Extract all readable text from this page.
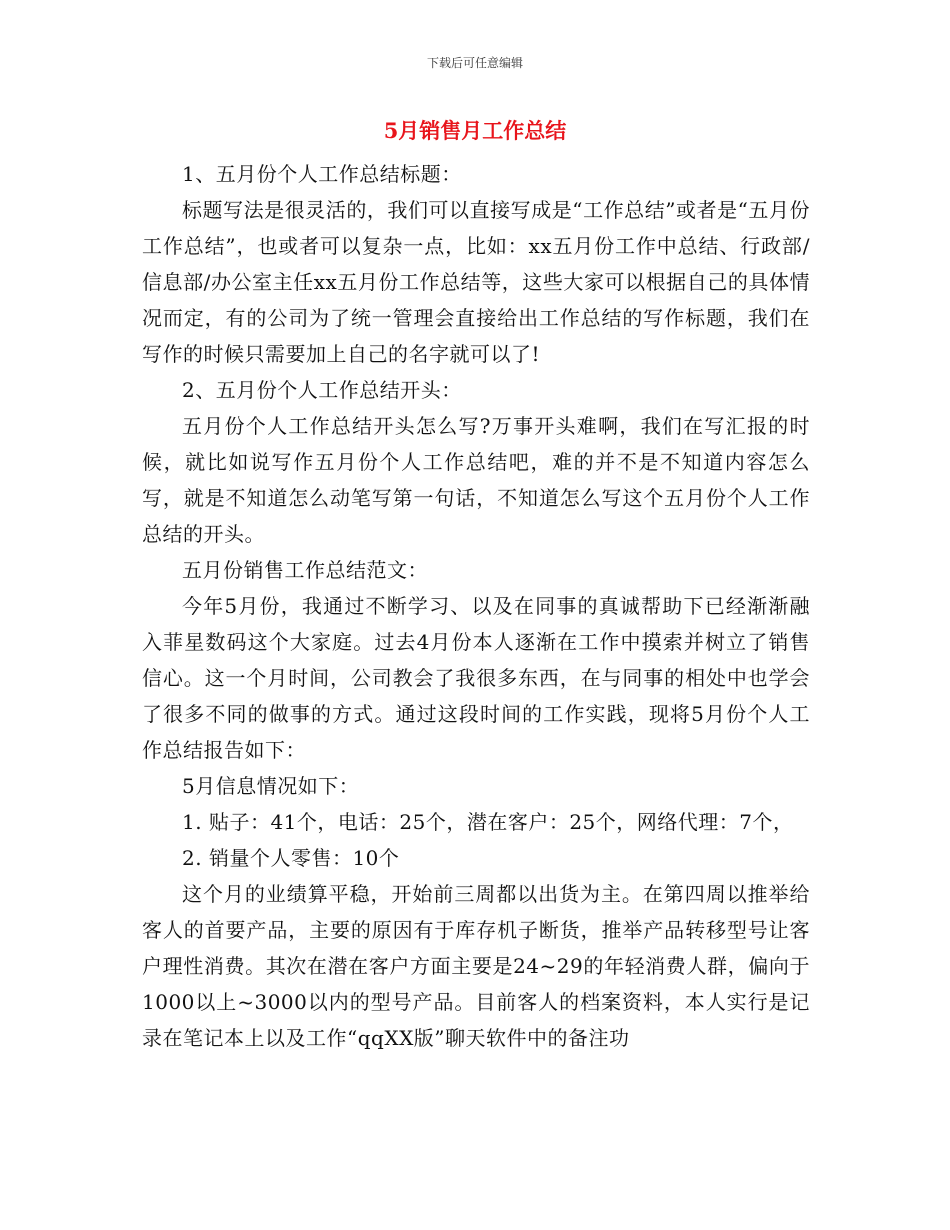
下载后可任意编辑
5月销售月工作总结

1、五月份个人工作总结标题：

标题写法是很灵活的，我们可以直接写成是“工作总结”或者是“五月份工作总结”，也或者可以复杂一点，比如：xx五月份工作中总结、行政部/信息部/办公室主任xx五月份工作总结等，这些大家可以根据自己的具体情况而定，有的公司为了统一管理会直接给出工作总结的写作标题，我们在写作的时候只需要加上自己的名字就可以了!

2、五月份个人工作总结开头：

五月份个人工作总结开头怎么写?万事开头难啊，我们在写汇报的时候，就比如说写作五月份个人工作总结吧，难的并不是不知道内容怎么写，就是不知道怎么动笔写第一句话，不知道怎么写这个五月份个人工作总结的开头。

五月份销售工作总结范文：

今年5月份，我通过不断学习、以及在同事的真诚帮助下已经渐渐融入菲星数码这个大家庭。过去4月份本人逐渐在工作中摸索并树立了销售信心。这一个月时间，公司教会了我很多东西，在与同事的相处中也学会了很多不同的做事的方式。通过这段时间的工作实践，现将5月份个人工作总结报告如下：

5月信息情况如下：

1. 贴子：41个，电话：25个，潜在客户：25个，网络代理：7个，

2. 销量个人零售：10个

这个月的业绩算平稳，开始前三周都以出货为主。在第四周以推举给客人的首要产品，主要的原因有于库存机子断货，推举产品转移型号让客户理性消费。其次在潜在客户方面主要是24~29的年轻消费人群，偏向于1000以上~3000以内的型号产品。目前客人的档案资料，本人实行是记录在笔记本上以及工作“qqXX版”聊天软件中的备注功
